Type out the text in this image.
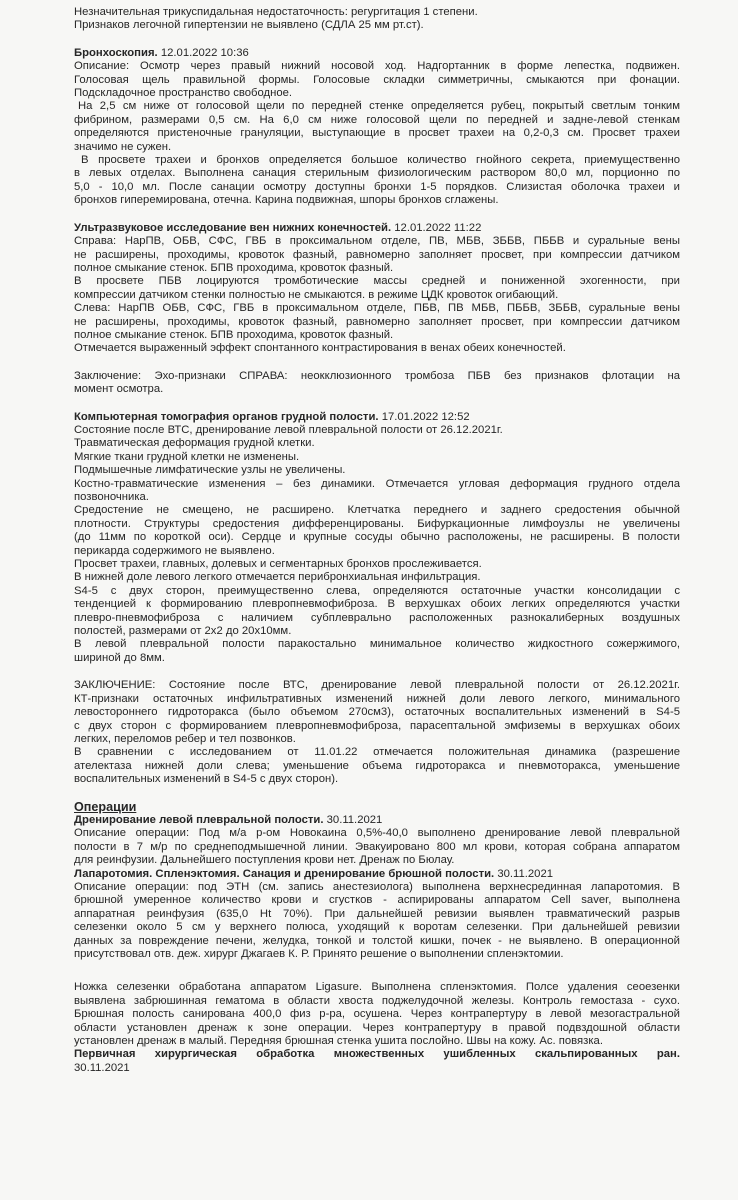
Незначительная трикуспидальная недостаточность: регургитация 1 степени.
Признаков легочной гипертензии не выявлено (СДЛА 25 мм рт.ст).
Бронхоскопия. 12.01.2022 10:36
Описание: Осмотр через правый нижний носовой ход. Надгортанник в форме лепестка, подвижен.
Голосовая щель правильной формы. Голосовые складки симметричны, смыкаются при фонации.
Подскладочное пространство свободное.
На 2,5 см ниже от голосовой щели по передней стенке определяется рубец, покрытый светлым тонким
фибрином, размерами 0,5 см. На 6,0 см ниже голосовой щели по передней и задне-левой стенкам
определяются пристеночные грануляции, выступающие в просвет трахеи на 0,2-0,3 см. Просвет трахеи
значимо не сужен.
В просвете трахеи и бронхов определяется большое количество гнойного секрета, приемущественно
в левых отделах. Выполнена санация стерильным физиологическим раствором 80,0 мл, порционно по
5,0 - 10,0 мл. После санации осмотру доступны бронхи 1-5 порядков. Слизистая оболочка трахеи и
бронхов гиперемирована, отечна. Карина подвижная, шпоры бронхов сглажены.
Ультразвуковое исследование вен нижних конечностей. 12.01.2022 11:22
Справа: НарПВ, ОБВ, СФС, ГВБ в проксимальном отделе, ПВ, МБВ, ЗББВ, ПББВ и суральные вены
не расширены, проходимы, кровоток фазный, равномерно заполняет просвет, при компрессии датчиком
полное смыкание стенок. БПВ проходима, кровоток фазный.
В просвете ПБВ лоцируются тромботические массы средней и пониженной эхогенности, при
компрессии датчиком стенки полностью не смыкаются. в режиме ЦДК кровоток огибающий.
Слева: НарПВ ОБВ, СФС, ГВБ в проксимальном отделе, ПБВ, ПВ МБВ, ПББВ, ЗББВ, суральные вены
не расширены, проходимы, кровоток фазный, равномерно заполняет просвет, при компрессии датчиком
полное смыкание стенок. БПВ проходима, кровоток фазный.
Отмечается выраженный эффект спонтанного контрастирования в венах обеих конечностей.
Заключение: Эхо-признаки СПРАВА: неокклюзионного тромбоза ПБВ без признаков флотации на
момент осмотра.
Компьютерная томография органов грудной полости. 17.01.2022 12:52
Состояние после ВТС, дренирование левой плевральной полости от 26.12.2021г.
Травматическая деформация грудной клетки.
Мягкие ткани грудной клетки не изменены.
Подмышечные лимфатические узлы не увеличены.
Костно-травматические изменения – без динамики. Отмечается угловая деформация грудного отдела
позвоночника.
Средостение не смещено, не расширено. Клетчатка переднего и заднего средостения обычной
плотности. Структуры средостения дифференцированы. Бифуркационные лимфоузлы не увеличены
(до 11мм по короткой оси). Сердце и крупные сосуды обычно расположены, не расширены. В полости
перикарда содержимого не выявлено.
Просвет трахеи, главных, долевых и сегментарных бронхов прослеживается.
В нижней доле левого легкого отмечается перибронхиальная инфильтрация.
S4-5 с двух сторон, преимущественно слева, определяются остаточные участки консолидации с
тенденцией к формированию плевропневмофиброза. В верхушках обоих легких определяются участки
плевро-пневмофиброза с наличием субплеврально расположенных разнокалиберных воздушных
полостей, размерами от 2х2 до 20х10мм.
В левой плевральной полости паракостально минимальное количество жидкостного сожержимого,
шириной до 8мм.
ЗАКЛЮЧЕНИЕ: Состояние после ВТС, дренирование левой плевральной полости от 26.12.2021г.
КТ-признаки остаточных инфильтративных изменений нижней доли левого легкого, минимального
левостороннего гидроторакса (было объемом 270см3), остаточных воспалительных изменений в S4-5
с двух сторон с формированием плевропневмофиброза, парасептальной эмфиземы в верхушках обоих
легких, переломов ребер и тел позвонков.
В сравнении с исследованием от 11.01.22 отмечается положительная динамика (разрешение
ателектаза нижней доли слева; уменьшение объема гидроторакса и пневмоторакса, уменьшение
воспалительных изменений в S4-5 с двух сторон).
Операции
Дренирование левой плевральной полости. 30.11.2021
Описание операции: Под м/а р-ом Новокаина 0,5%-40,0 выполнено дренирование левой плевральной
полости в 7 м/р по среднеподмышечной линии. Эвакуировано 800 мл крови, которая собрана аппаратом
для реинфузии. Дальнейшего поступления крови нет. Дренаж по Бюлау.
Лапаротомия. Спленэктомия. Санация и дренирование брюшной полости. 30.11.2021
Описание операции: под ЭТН (см. запись анестезиолога) выполнена верхнесрединная лапаротомия. В
брюшной умеренное количество крови и сгустков - аспирированы аппаратом Cell saver, выполнена
аппаратная реинфузия (635,0 Ht 70%). При дальнейшей ревизии выявлен травматический разрыв
селезенки около 5 см у верхнего полюса, уходящий к воротам селезенки. При дальнейшей ревизии
данных за повреждение печени, желудка, тонкой и толстой кишки, почек - не выявлено. В операционной
присутствовал отв. деж. хирург Джагаев К. Р. Принято решение о выполнении спленэктомии.
Ножка селезенки обработана аппаратом Ligasure. Выполнена спленэктомия. Полсе удаления сеоезенки
выявлена забрюшинная гематома в области хвоста поджелудочной железы. Контроль гемостаза - сухо.
Брюшная полость санирована 400,0 физ р-ра, осушена. Через контрапертуру в левой мезогастральной
области установлен дренаж к зоне операции. Через контрапертуру в правой подвздошной области
установлен дренаж в малый. Передняя брюшная стенка ушита послойно. Швы на кожу. Ас. повязка.
Первичная хирургическая обработка множественных ушибленных скальпированных ран.
30.11.2021
